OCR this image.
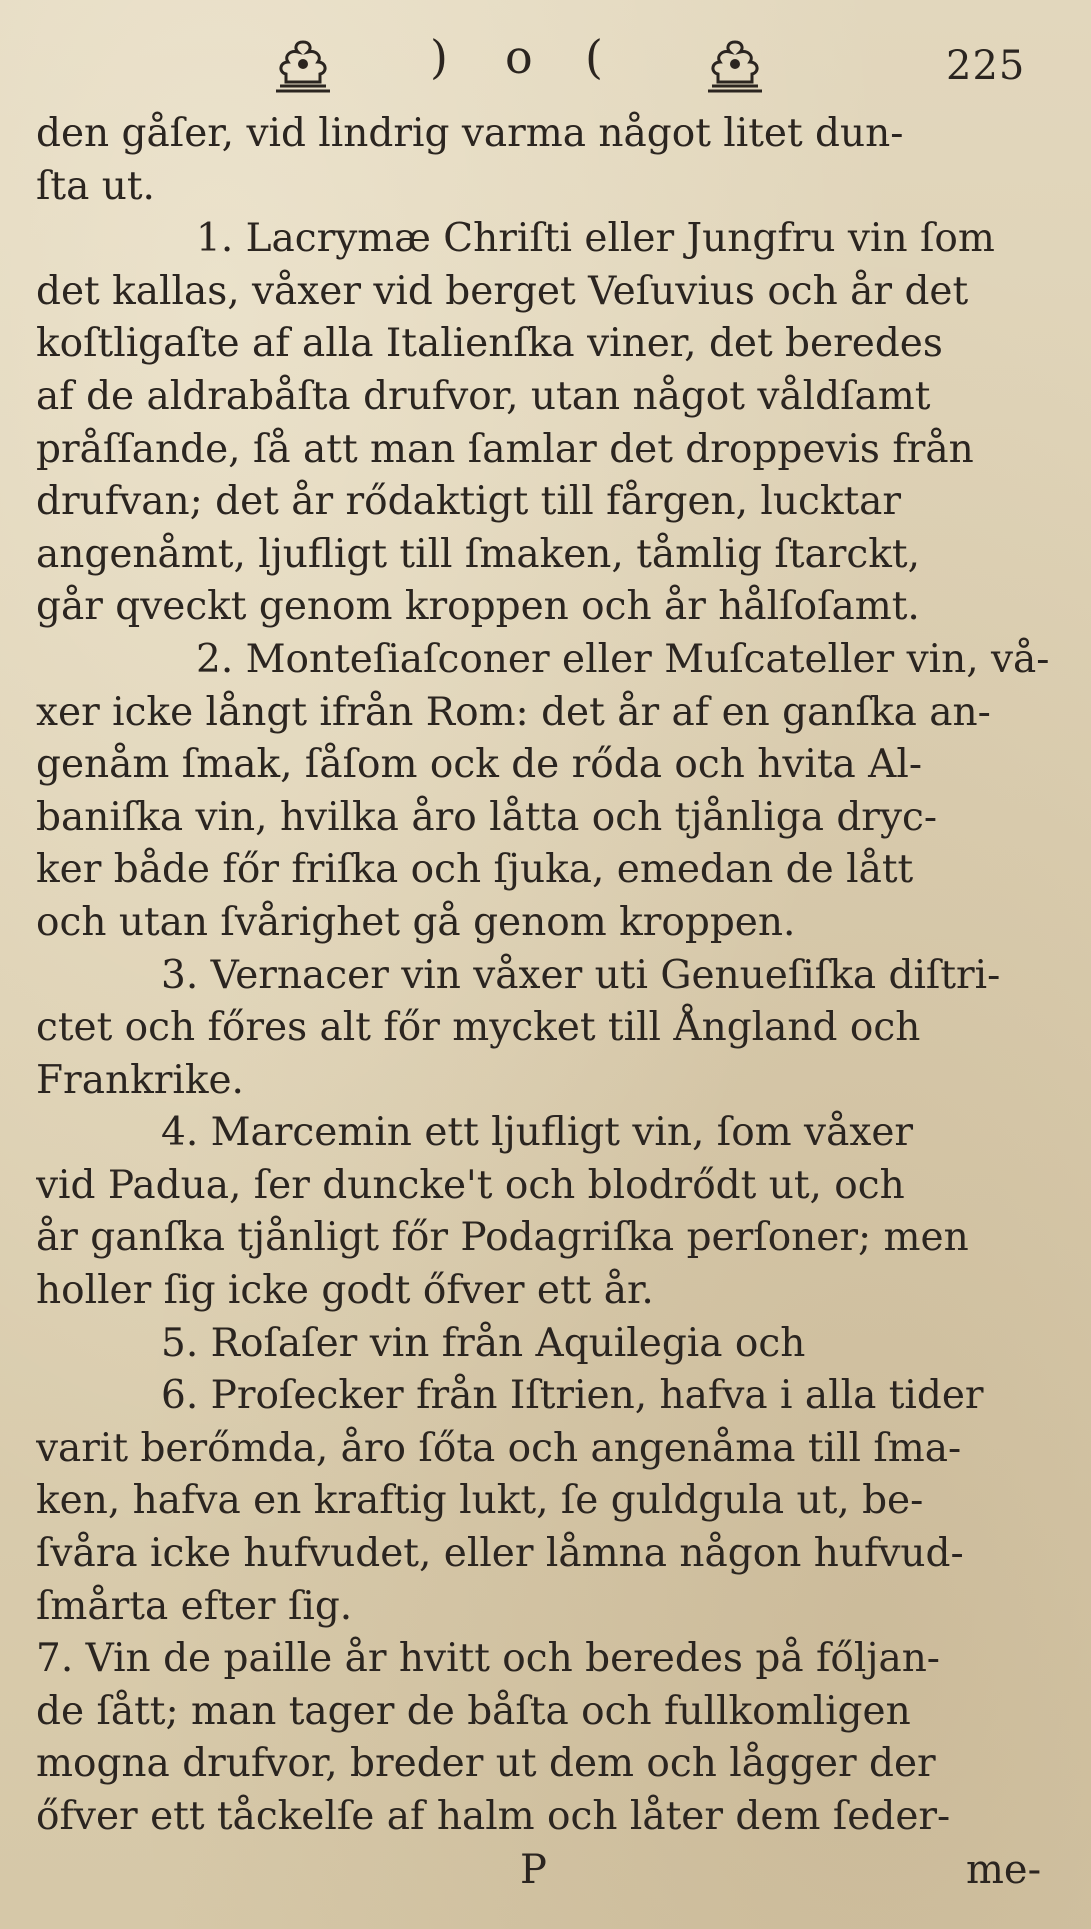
) o (	225
den gåſer, vid lindrig varma något litet dun-
ſta ut.
1. Lacrymæ Chriſti eller Jungfru vin ſom
det kallas, våxer vid berget Veſuvius och år det
koſtligaſte af alla Italienſka viner, det beredes
af de aldrabåſta drufvor, utan något våldſamt
pråſſande, ſå att man ſamlar det droppevis från
drufvan; det år rődaktigt till fårgen, lucktar
angenåmt, ljufligt till ſmaken, tåmlig ſtarckt,
går qveckt genom kroppen och år hålſoſamt.
2. Monteſiaſconer eller Muſcateller vin, vå-
xer icke långt ifrån Rom: det år af en ganſka an-
genåm ſmak, ſåſom ock de rőda och hvita Al-
baniſka vin, hvilka åro låtta och tjånliga dryc-
ker både főr friſka och ſjuka, emedan de lått
och utan ſvårighet gå genom kroppen.
3. Vernacer vin våxer uti Genueſiſka diſtri-
ctet och főres alt főr mycket till Ångland och
Frankrike.
4. Marcemin ett ljufligt vin, ſom våxer
vid Padua, ſer duncke't och blodrődt ut, och
år ganſka tjånligt főr Podagriſka perſoner; men
holler ſig icke godt őfver ett år.
5. Roſaſer vin från Aquilegia och
6. Proſecker från Iſtrien, hafva i alla tider
varit berőmda, åro ſőta och angenåma till ſma-
ken, hafva en kraftig lukt, ſe guldgula ut, be-
ſvåra icke hufvudet, eller låmna någon hufvud-
ſmårta efter ſig.
7. Vin de paille år hvitt och beredes på főljan-
de ſått; man tager de båſta och fullkomligen
mogna drufvor, breder ut dem och lågger der
őfver ett tåckelſe af halm och låter dem ſeder-
P	me-
